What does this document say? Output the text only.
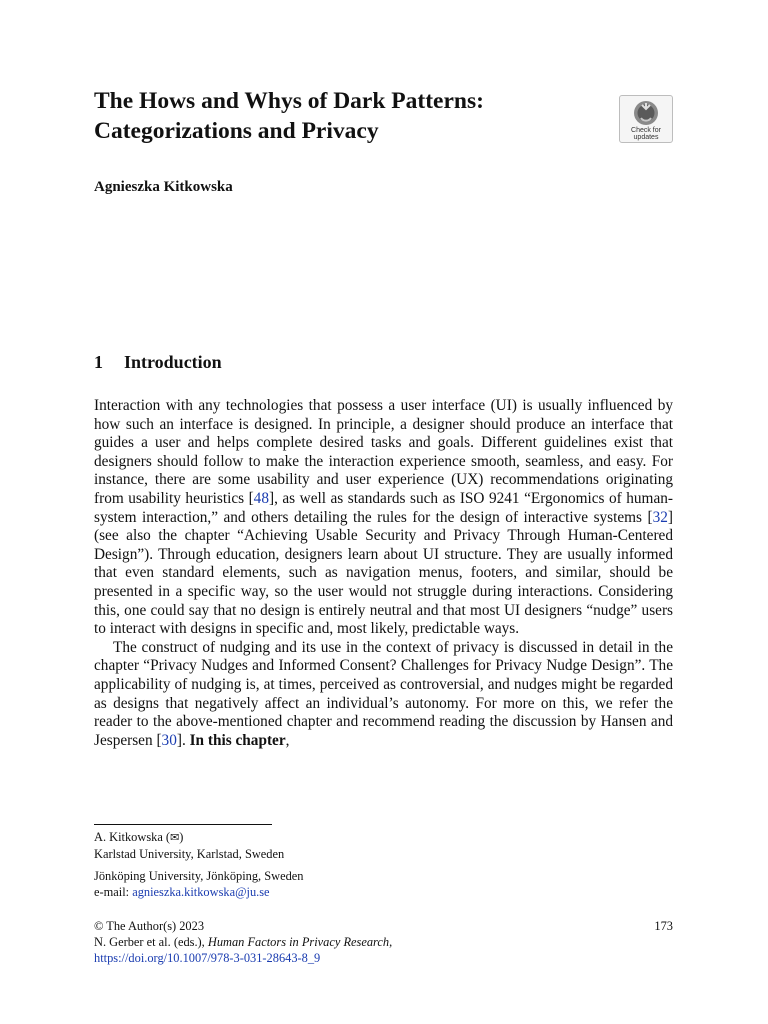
The Hows and Whys of Dark Patterns:
Categorizations and Privacy	Check for
updates

Agnieszka Kitkowska

1 Introduction

Interaction with any technologies that possess a user interface (UI) is usually influenced by how such an interface is designed. In principle, a designer should produce an interface that guides a user and helps complete desired tasks and goals. Different guidelines exist that designers should follow to make the interaction experience smooth, seamless, and easy. For instance, there are some usability and user experience (UX) recommendations originating from usability heuristics [48], as well as standards such as ISO 9241 “Ergonomics of human-system interaction,” and others detailing the rules for the design of interactive systems [32] (see also the chapter “Achieving Usable Security and Privacy Through Human-Centered Design”). Through education, designers learn about UI structure. They are usually informed that even standard elements, such as navigation menus, footers, and similar, should be presented in a specific way, so the user would not struggle during interactions. Considering this, one could say that no design is entirely neutral and that most UI designers “nudge” users to interact with designs in specific and, most likely, predictable ways.

The construct of nudging and its use in the context of privacy is discussed in detail in the chapter “Privacy Nudges and Informed Consent? Challenges for Privacy Nudge Design”. The applicability of nudging is, at times, perceived as controversial, and nudges might be regarded as designs that negatively affect an individual’s autonomy. For more on this, we refer the reader to the above-mentioned chapter and recommend reading the discussion by Hansen and Jespersen [30]. In this chapter,

A. Kitkowska (✉)
Karlstad University, Karlstad, Sweden

Jönköping University, Jönköping, Sweden
e-mail: agnieszka.kitkowska@ju.se

© The Author(s) 2023	173
N. Gerber et al. (eds.), Human Factors in Privacy Research,
https://doi.org/10.1007/978-3-031-28643-8_9
